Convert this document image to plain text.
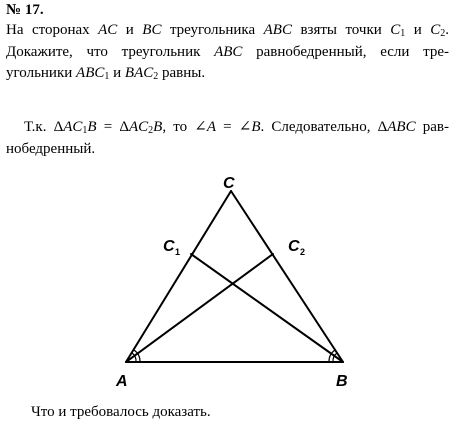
№ 17.
На сторонах AC и BC треугольника ABC взяты точки $C_1$ и $C_2$.
Докажите, что треугольник ABC равнобедренный, если тре-
угольники $ABC_1$ и $BAC_2$ равны.
Т.к. $\Delta AC_1B = \Delta AC_2B$, то ∠A = ∠B. Следовательно, ΔABC рав-
нобедренный.
C
C 1	C 2
A	B
Что и требовалось доказать.
